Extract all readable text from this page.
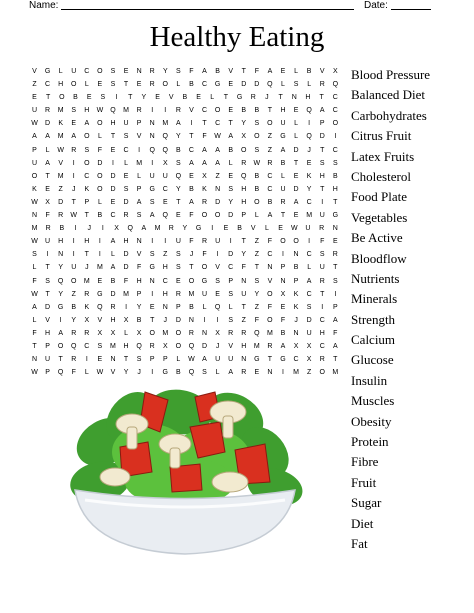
Name:	Date:
Healthy Eating
V	G	L	U	C	O	S	E	N	R	Y	S	F	A	B	V	T	F	A	E	L	B	V	X
Z	C	H	O	L	E	S	T	E	R	O	L	B	C	G	E	D	D	Q	L	S	L	R	Q
E	T	O	B	E	S	I	T	Y	E	V	B	E	L	T	G	R	J	T	N	H	T	C
U	R	M	S	H	W	Q	M	R	I	I	R	V	C	O	E	B	B	T	H	E	Q	A	C
W	D	K	E	A	O	H	U	P	N	M	A	I	T	C	T	Y	S	O	U	L	I	P	O
A	A	M	A	O	L	T	S	V	N	Q	Y	T	F	W	A	X	O	Z	G	L	Q	D	I
P	L	W	R	S	F	E	C	I	Q	Q	B	C	A	A	B	O	S	Z	A	D	J	T	C
U	A	V	I	O	D	I	L	M	I	X	S	A	A	A	L	R	W	R	B	T	E	S	S
O	T	M	I	C	O	D	E	L	U	U	Q	E	X	Z	E	Q	B	C	L	E	K	H	B
K	E	Z	J	K	O	D	S	P	G	C	Y	B	K	N	S	H	B	C	U	D	Y	T	H
W	X	D	T	P	L	E	D	A	S	E	T	A	R	D	Y	H	O	B	R	A	C	I	T
N	F	R	W	T	B	C	R	S	A	Q	E	F	O	O	D	P	L	A	T	E	M	U	G
M	R	B	I	J	I	X	Q	A	M	R	Y	G	I	E	B	V	L	E	W	U	R	N
W	U	H	I	H	I	A	H	N	I	I	U	F	R	U	I	T	Z	F	O	O	I	F	E
S	I	N	I	T	I	L	D	V	S	Z	S	J	F	I	D	Y	Z	C	I	N	C	S	R
L	T	Y	U	J	M	A	D	F	G	H	S	T	O	V	C	F	T	N	P	B	L	U	T
F	S	Q	O	M	E	B	F	H	N	C	E	O	G	S	P	N	S	V	N	P	A	R	S
W	T	Y	Z	R	G	D	M	P	I	H	R	M	U	E	S	U	Y	O	X	K	C	T	I
A	D	G	B	K	Q	R	I	Y	E	N	P	B	L	Q	L	T	Z	F	E	K	S	I	P
L	V	I	Y	X	V	H	X	B	T	J	D	N	I	I	S	Z	F	O	F	J	D	C	A
F	H	A	R	R	X	X	L	X	O	M	O	R	N	X	R	R	Q	M	B	N	U	H	F
T	P	O	Q	C	S	M	H	Q	R	X	O	Q	D	J	V	H	M	R	A	X	X	C	A
N	U	T	R	I	E	N	T	S	P	P	L	W	A	U	U	N	G	T	G	C	X	R	T
W	P	Q	F	L	W	V	Y	J	I	G	B	Q	S	L	A	R	E	N	I	M	Z	O	M
Blood Pressure
Balanced Diet
Carbohydrates
Citrus Fruit
Latex Fruits
Cholesterol
Food Plate
Vegetables
Be Active
Bloodflow
Nutrients
Minerals
Strength
Calcium
Glucose
Insulin
Muscles
Obesity
Protein
Fibre
Fruit
Sugar
Diet
Fat
